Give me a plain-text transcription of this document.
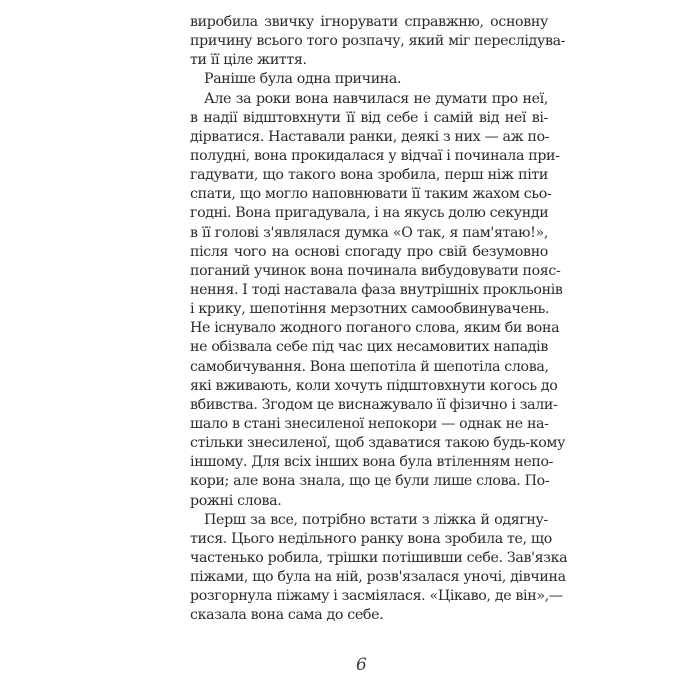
виробила звичку ігнорувати справжню, основну
причину всього того розпачу, який міг переслідува-
ти її ціле життя.
Раніше була одна причина.
Але за роки вона навчилася не думати про неї,
в надії відштовхнути її від себе і самій від неї ві-
дірватися. Наставали ранки, деякі з них — аж по-
полудні, вона прокидалася у відчаї і починала при-
гадувати, що такого вона зробила, перш ніж піти
спати, що могло наповнювати її таким жахом сьо-
годні. Вона пригадувала, і на якусь долю секунди
в її голові з'являлася думка «О так, я пам'ятаю!»,
після чого на основі спогаду про свій безумовно
поганий учинок вона починала вибудовувати пояс-
нення. І тоді наставала фаза внутрішніх прокльонів
і крику, шепотіння мерзотних самообвинувачень.
Не існувало жодного поганого слова, яким би вона
не обізвала себе під час цих несамовитих нападів
самобичування. Вона шепотіла й шепотіла слова,
які вживають, коли хочуть підштовхнути когось до
вбивства. Згодом це виснажувало її фізично і зали-
шало в стані знесиленої непокори — однак не на-
стільки знесиленої, щоб здаватися такою будь-кому
іншому. Для всіх інших вона була втіленням непо-
кори; але вона знала, що це були лише слова. По-
рожні слова.
Перш за все, потрібно встати з ліжка й одягну-
тися. Цього недільного ранку вона зробила те, що
частенько робила, трішки потішивши себе. Зав'язка
піжами, що була на ній, розв'язалася уночі, дівчина
розгорнула піжаму і засміялася. «Цікаво, де він»,—
сказала вона сама до себе.
6
